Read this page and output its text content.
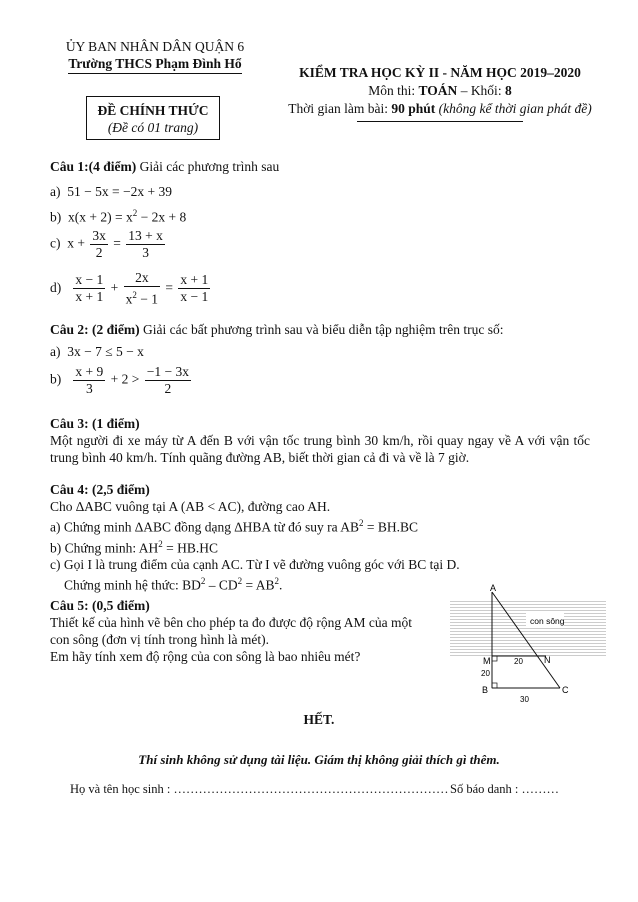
ỦY BAN NHÂN DÂN QUẬN 6
Trường THCS Phạm Đình Hổ
KIỂM TRA HỌC KỲ II - NĂM HỌC 2019–2020
Môn thi: TOÁN – Khối: 8
Thời gian làm bài: 90 phút (không kể thời gian phát đề)
ĐỀ CHÍNH THỨC
(Đề có 01 trang)
Câu 1:(4 điểm) Giải các phương trình sau
a) 51 − 5x = −2x + 39
b) $x(x + 2) = x^2 - 2x + 8$
c) $x + \frac{3x}{2} = \frac{13 + x}{3}$
$d) \frac{x - 1}{x + 1} + \frac{2x}{x^2 - 1} = \frac{x + 1}{x - 1}$
Câu 2: (2 điểm) Giải các bất phương trình sau và biểu diễn tập nghiệm trên trục số:
a) 3x − 7 ≤ 5 − x
$b) \frac{x + 9}{3} + 2 > \frac{-1 - 3x}{2}$
Câu 3: (1 điểm)
Một người đi xe máy từ A đến B với vận tốc trung bình 30 km/h, rồi quay ngay về A với vận tốc trung bình 40 km/h. Tính quãng đường AB, biết thời gian cả đi và về là 7 giờ.
Câu 4: (2,5 điểm)
Cho ∆ABC vuông tại A (AB < AC), đường cao AH.
a) Chứng minh ∆ABC đồng dạng ∆HBA từ đó suy ra $AB^2 = BH.BC$
b) Chứng minh: $AH^2 = HB.HC$
c) Gọi I là trung điểm của cạnh AC. Từ I vẽ đường vuông góc với BC tại D.
Chứng minh hệ thức: $BD^2 - CD^2 = AB^2$.
Câu 5: (0,5 điểm)
Thiết kế của hình vẽ bên cho phép ta đo được độ rộng AM của một
con sông (đơn vị tính trong hình là mét).
Em hãy tính xem độ rộng của con sông là bao nhiêu mét?
con sông
A
M	N
B	C
20
20
30
HẾT.
Thí sinh không sử dụng tài liệu. Giám thị không giải thích gì thêm.
Họ và tên học sinh : ………………………………………………………… Số báo danh : ………
